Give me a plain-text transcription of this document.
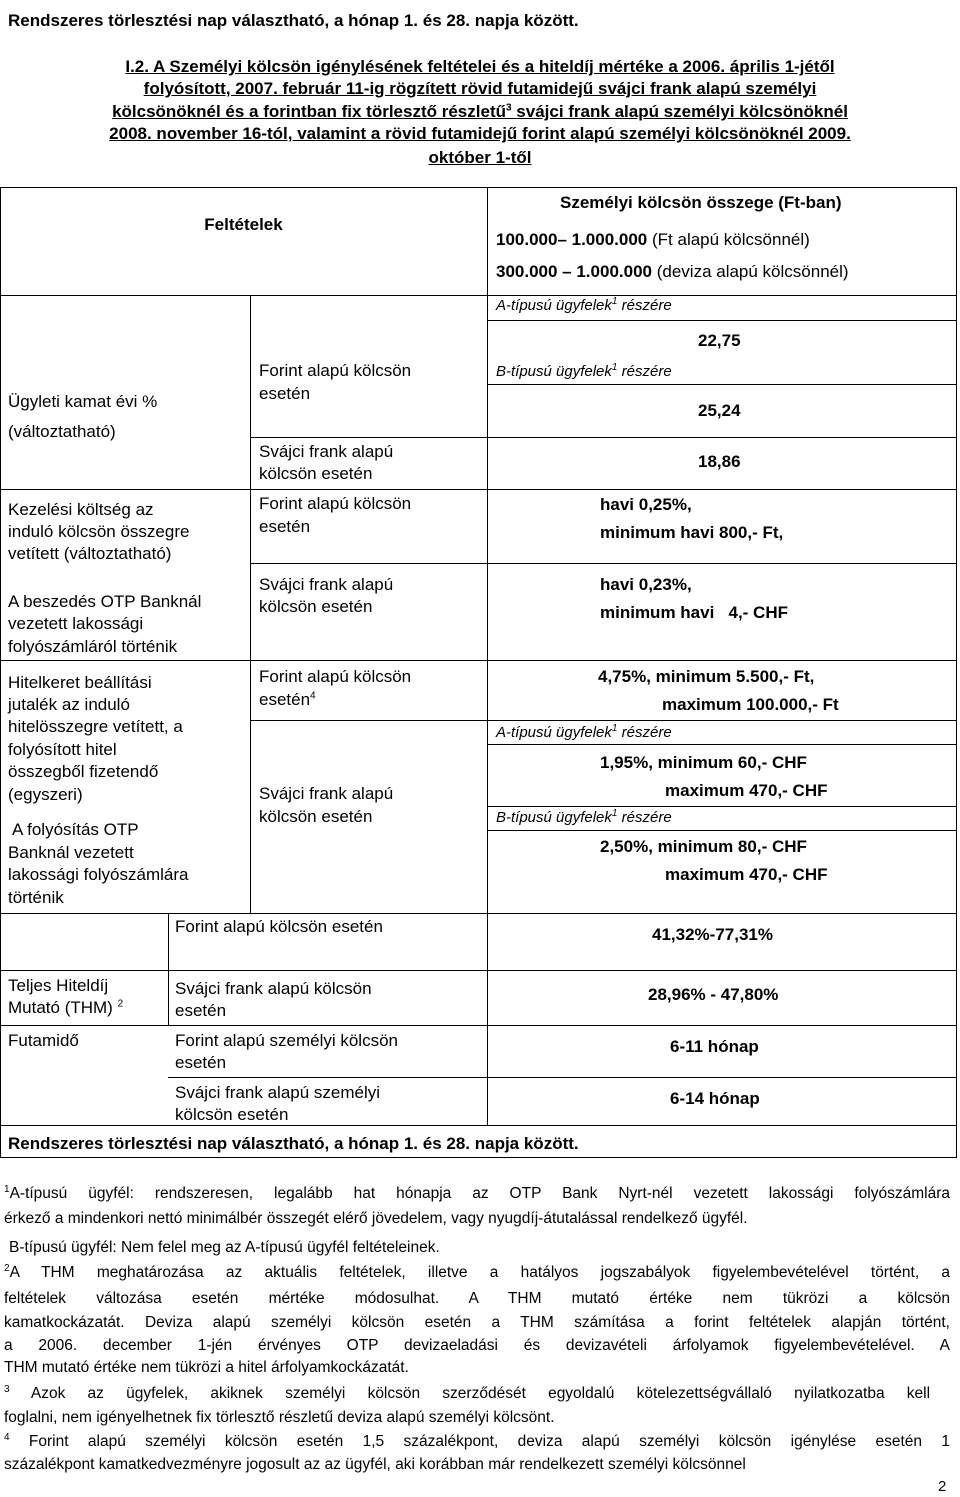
Rendszeres törlesztési nap választható, a hónap 1. és 28. napja között.
I.2. A Személyi kölcsön igénylésének feltételei és a hiteldíj mértéke a 2006. április 1-jétől
folyósított, 2007. február 11-ig rögzített rövid futamidejű svájci frank alapú személyi
kölcsönöknél és a forintban fix törlesztő részletű$^3$ svájci frank alapú személyi kölcsönöknél
2008. november 16-tól, valamint a rövid futamidejű forint alapú személyi kölcsönöknél 2009.
október 1-től
Feltételek
Személyi kölcsön összege (Ft-ban)
100.000– 1.000.000 (Ft alapú kölcsönnél)
300.000 – 1.000.000 (deviza alapú kölcsönnél)
Ügyleti kamat évi %
(változtatható)
Forint alapú kölcsön
esetén
Svájci frank alapú
kölcsön esetén
A-típusú ügyfelek$^1$ részére
22,75
B-típusú ügyfelek$^1$ részére
25,24
18,86
Kezelési költség az
induló kölcsön összegre
vetített (változtatható)
A beszedés OTP Banknál
vezetett lakossági
folyószámláról történik
Forint alapú kölcsön
esetén
Svájci frank alapú
kölcsön esetén
havi 0,25%,
minimum havi 800,- Ft,
havi 0,23%,
minimum havi 4,- CHF
Hitelkeret beállítási
jutalék az induló
hitelösszegre vetített, a
folyósított hitel
összegből fizetendő
(egyszeri)
A folyósítás OTP
Banknál vezetett
lakossági folyószámlára
történik
Forint alapú kölcsön
esetén$^4$
Svájci frank alapú
kölcsön esetén
4,75%, minimum 5.500,- Ft,
maximum 100.000,- Ft
A-típusú ügyfelek$^1$ részére
1,95%, minimum 60,- CHF
maximum 470,- CHF
B-típusú ügyfelek$^1$ részére
2,50%, minimum 80,- CHF
maximum 470,- CHF
Forint alapú kölcsön esetén	41,32%-77,31%
Teljes Hiteldíj
Mutató (THM) $^2$
Svájci frank alapú kölcsön
esetén
28,96% - 47,80%
Futamidő	Forint alapú személyi kölcsön
esetén
6-11 hónap
Svájci frank alapú személyi
kölcsön esetén
6-14 hónap
Rendszeres törlesztési nap választható, a hónap 1. és 28. napja között.
$^1$A-típusú ügyfél: rendszeresen, legalább hat hónapja az OTP Bank Nyrt-nél vezetett lakossági folyószámlára
érkező a mindenkori nettó minimálbér összegét elérő jövedelem, vagy nyugdíj-átutalással rendelkező ügyfél.
B-típusú ügyfél: Nem felel meg az A-típusú ügyfél feltételeinek.
$^2$A THM meghatározása az aktuális feltételek, illetve a hatályos jogszabályok figyelembevételével történt, a
feltételek változása esetén mértéke módosulhat. A THM mutató értéke nem tükrözi a kölcsön
kamatkockázatát. Deviza alapú személyi kölcsön esetén a THM számítása a forint feltételek alapján történt,
a 2006. december 1-jén érvényes OTP devizaeladási és devizavételi árfolyamok figyelembevételével. A
THM mutató értéke nem tükrözi a hitel árfolyamkockázatát.
$^3$ Azok az ügyfelek, akiknek személyi kölcsön szerződését egyoldalú kötelezettségvállaló nyilatkozatba kell
foglalni, nem igényelhetnek fix törlesztő részletű deviza alapú személyi kölcsönt.
$^4$ Forint alapú személyi kölcsön esetén 1,5 százalékpont, deviza alapú személyi kölcsön igénylése esetén 1
százalékpont kamatkedvezményre jogosult az az ügyfél, aki korábban már rendelkezett személyi kölcsönnel
2
